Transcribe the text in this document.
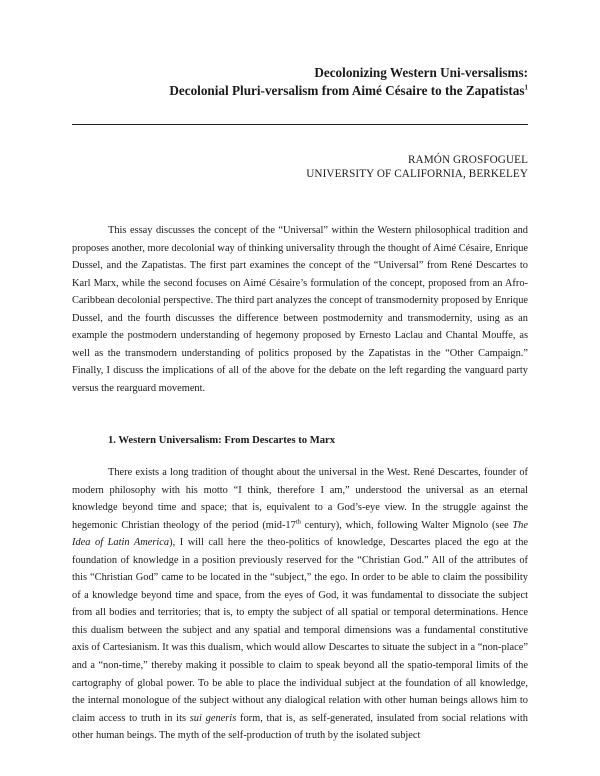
Decolonizing Western Uni-versalisms:
Decolonial Pluri-versalism from Aimé Césaire to the Zapatistas$^1$
RAMÓN GROSFOGUEL
UNIVERSITY OF CALIFORNIA, BERKELEY

This essay discusses the concept of the “Universal” within the Western philosophical tradition and proposes another, more decolonial way of thinking universality through the thought of Aimé Césaire, Enrique Dussel, and the Zapatistas. The first part examines the concept of the “Universal” from René Descartes to Karl Marx, while the second focuses on Aimé Césaire’s formulation of the concept, proposed from an Afro-Caribbean decolonial perspective. The third part analyzes the concept of transmodernity proposed by Enrique Dussel, and the fourth discusses the difference between postmodernity and transmodernity, using as an example the postmodern understanding of hegemony proposed by Ernesto Laclau and Chantal Mouffe, as well as the transmodern understanding of politics proposed by the Zapatistas in the “Other Campaign.” Finally, I discuss the implications of all of the above for the debate on the left regarding the vanguard party versus the rearguard movement.

1. Western Universalism: From Descartes to Marx

There exists a long tradition of thought about the universal in the West. René Descartes, founder of modern philosophy with his motto “I think, therefore I am,” understood the universal as an eternal knowledge beyond time and space; that is, equivalent to a God’s-eye view. In the struggle against the hegemonic Christian theology of the period (mid-17th century), which, following Walter Mignolo (see The Idea of Latin America), I will call here the theo-politics of knowledge, Descartes placed the ego at the foundation of knowledge in a position previously reserved for the “Christian God.” All of the attributes of this “Christian God” came to be located in the “subject,” the ego. In order to be able to claim the possibility of a knowledge beyond time and space, from the eyes of God, it was fundamental to dissociate the subject from all bodies and territories; that is, to empty the subject of all spatial or temporal determinations. Hence this dualism between the subject and any spatial and temporal dimensions was a fundamental constitutive axis of Cartesianism. It was this dualism, which would allow Descartes to situate the subject in a “non-place” and a “non-time,” thereby making it possible to claim to speak beyond all the spatio-temporal limits of the cartography of global power. To be able to place the individual subject at the foundation of all knowledge, the internal monologue of the subject without any dialogical relation with other human beings allows him to claim access to truth in its sui generis form, that is, as self-generated, insulated from social relations with other human beings. The myth of the self-production of truth by the isolated subject
